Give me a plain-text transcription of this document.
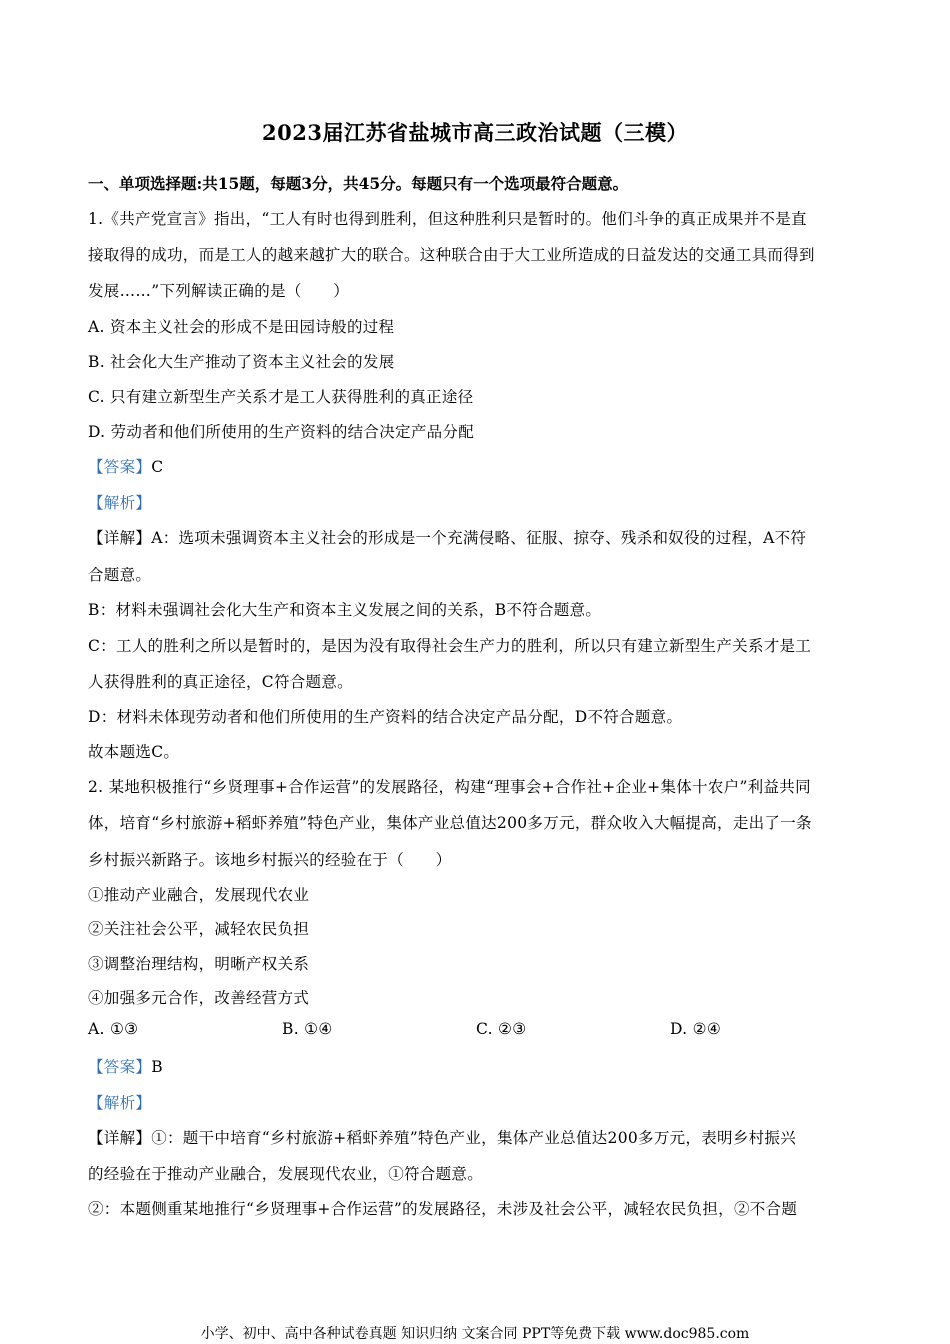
2023届江苏省盐城市高三政治试题（三模）
一、单项选择题:共15题，每题3分，共45分。每题只有一个选项最符合题意。
1.《共产党宣言》指出，“工人有时也得到胜利，但这种胜利只是暂时的。他们斗争的真正成果并不是直
接取得的成功，而是工人的越来越扩大的联合。这种联合由于大工业所造成的日益发达的交通工具而得到
发展……”下列解读正确的是（　　）
A. 资本主义社会的形成不是田园诗般的过程
B. 社会化大生产推动了资本主义社会的发展
C. 只有建立新型生产关系才是工人获得胜利的真正途径
D. 劳动者和他们所使用的生产资料的结合决定产品分配
【答案】C
【解析】
【详解】A：选项未强调资本主义社会的形成是一个充满侵略、征服、掠夺、残杀和奴役的过程，A不符
合题意。
B：材料未强调社会化大生产和资本主义发展之间的关系，B不符合题意。
C：工人的胜利之所以是暂时的，是因为没有取得社会生产力的胜利，所以只有建立新型生产关系才是工
人获得胜利的真正途径，C符合题意。
D：材料未体现劳动者和他们所使用的生产资料的结合决定产品分配，D不符合题意。
故本题选C。
2. 某地积极推行“乡贤理事+合作运营”的发展路径，构建“理事会+合作社+企业+集体十农户”利益共同
体，培育“乡村旅游+稻虾养殖”特色产业，集体产业总值达200多万元，群众收入大幅提高，走出了一条
乡村振兴新路子。该地乡村振兴的经验在于（　　）
①推动产业融合，发展现代农业
②关注社会公平，减轻农民负担
③调整治理结构，明晰产权关系
④加强多元合作，改善经营方式
A. ①③	B. ①④	C. ②③	D. ②④
【答案】B
【解析】
【详解】①：题干中培育“乡村旅游+稻虾养殖”特色产业，集体产业总值达200多万元，表明乡村振兴
的经验在于推动产业融合，发展现代农业，①符合题意。
②：本题侧重某地推行“乡贤理事+合作运营”的发展路径，未涉及社会公平，减轻农民负担，②不合题
小学、初中、高中各种试卷真题 知识归纳 文案合同 PPT等免费下载 www.doc985.com
